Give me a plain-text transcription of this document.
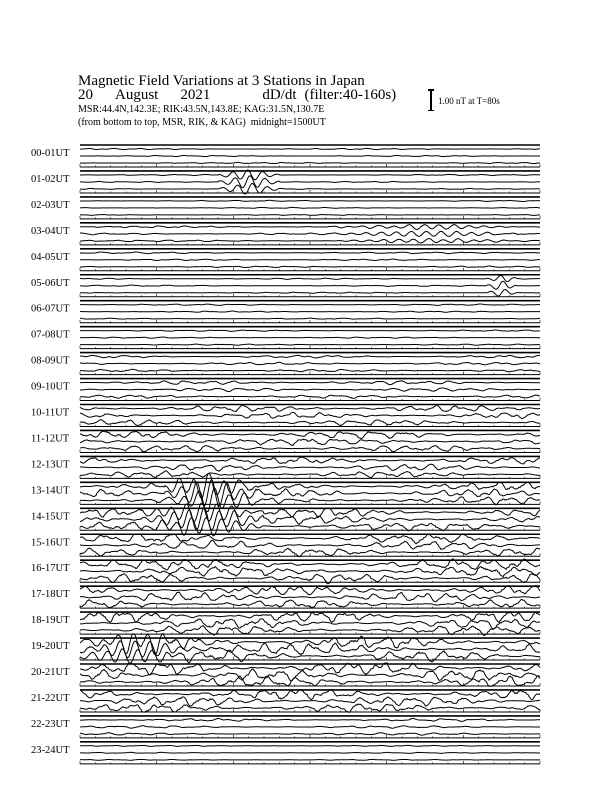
Magnetic Field Variations at 3 Stations in Japan
20 August 2021	dD/dt (filter:40-160s)
MSR:44.4N,142.3E; RIK:43.5N,143.8E; KAG:31.5N,130.7E
(from bottom to top, MSR, RIK, & KAG) midnight=1500UT
1.00 nT at T=80s
00-01UT
01-02UT
02-03UT
03-04UT
04-05UT
05-06UT
06-07UT
07-08UT
08-09UT
09-10UT
10-11UT
11-12UT
12-13UT
13-14UT
14-15UT
15-16UT
16-17UT
17-18UT
18-19UT
19-20UT
20-21UT
21-22UT
22-23UT
23-24UT
